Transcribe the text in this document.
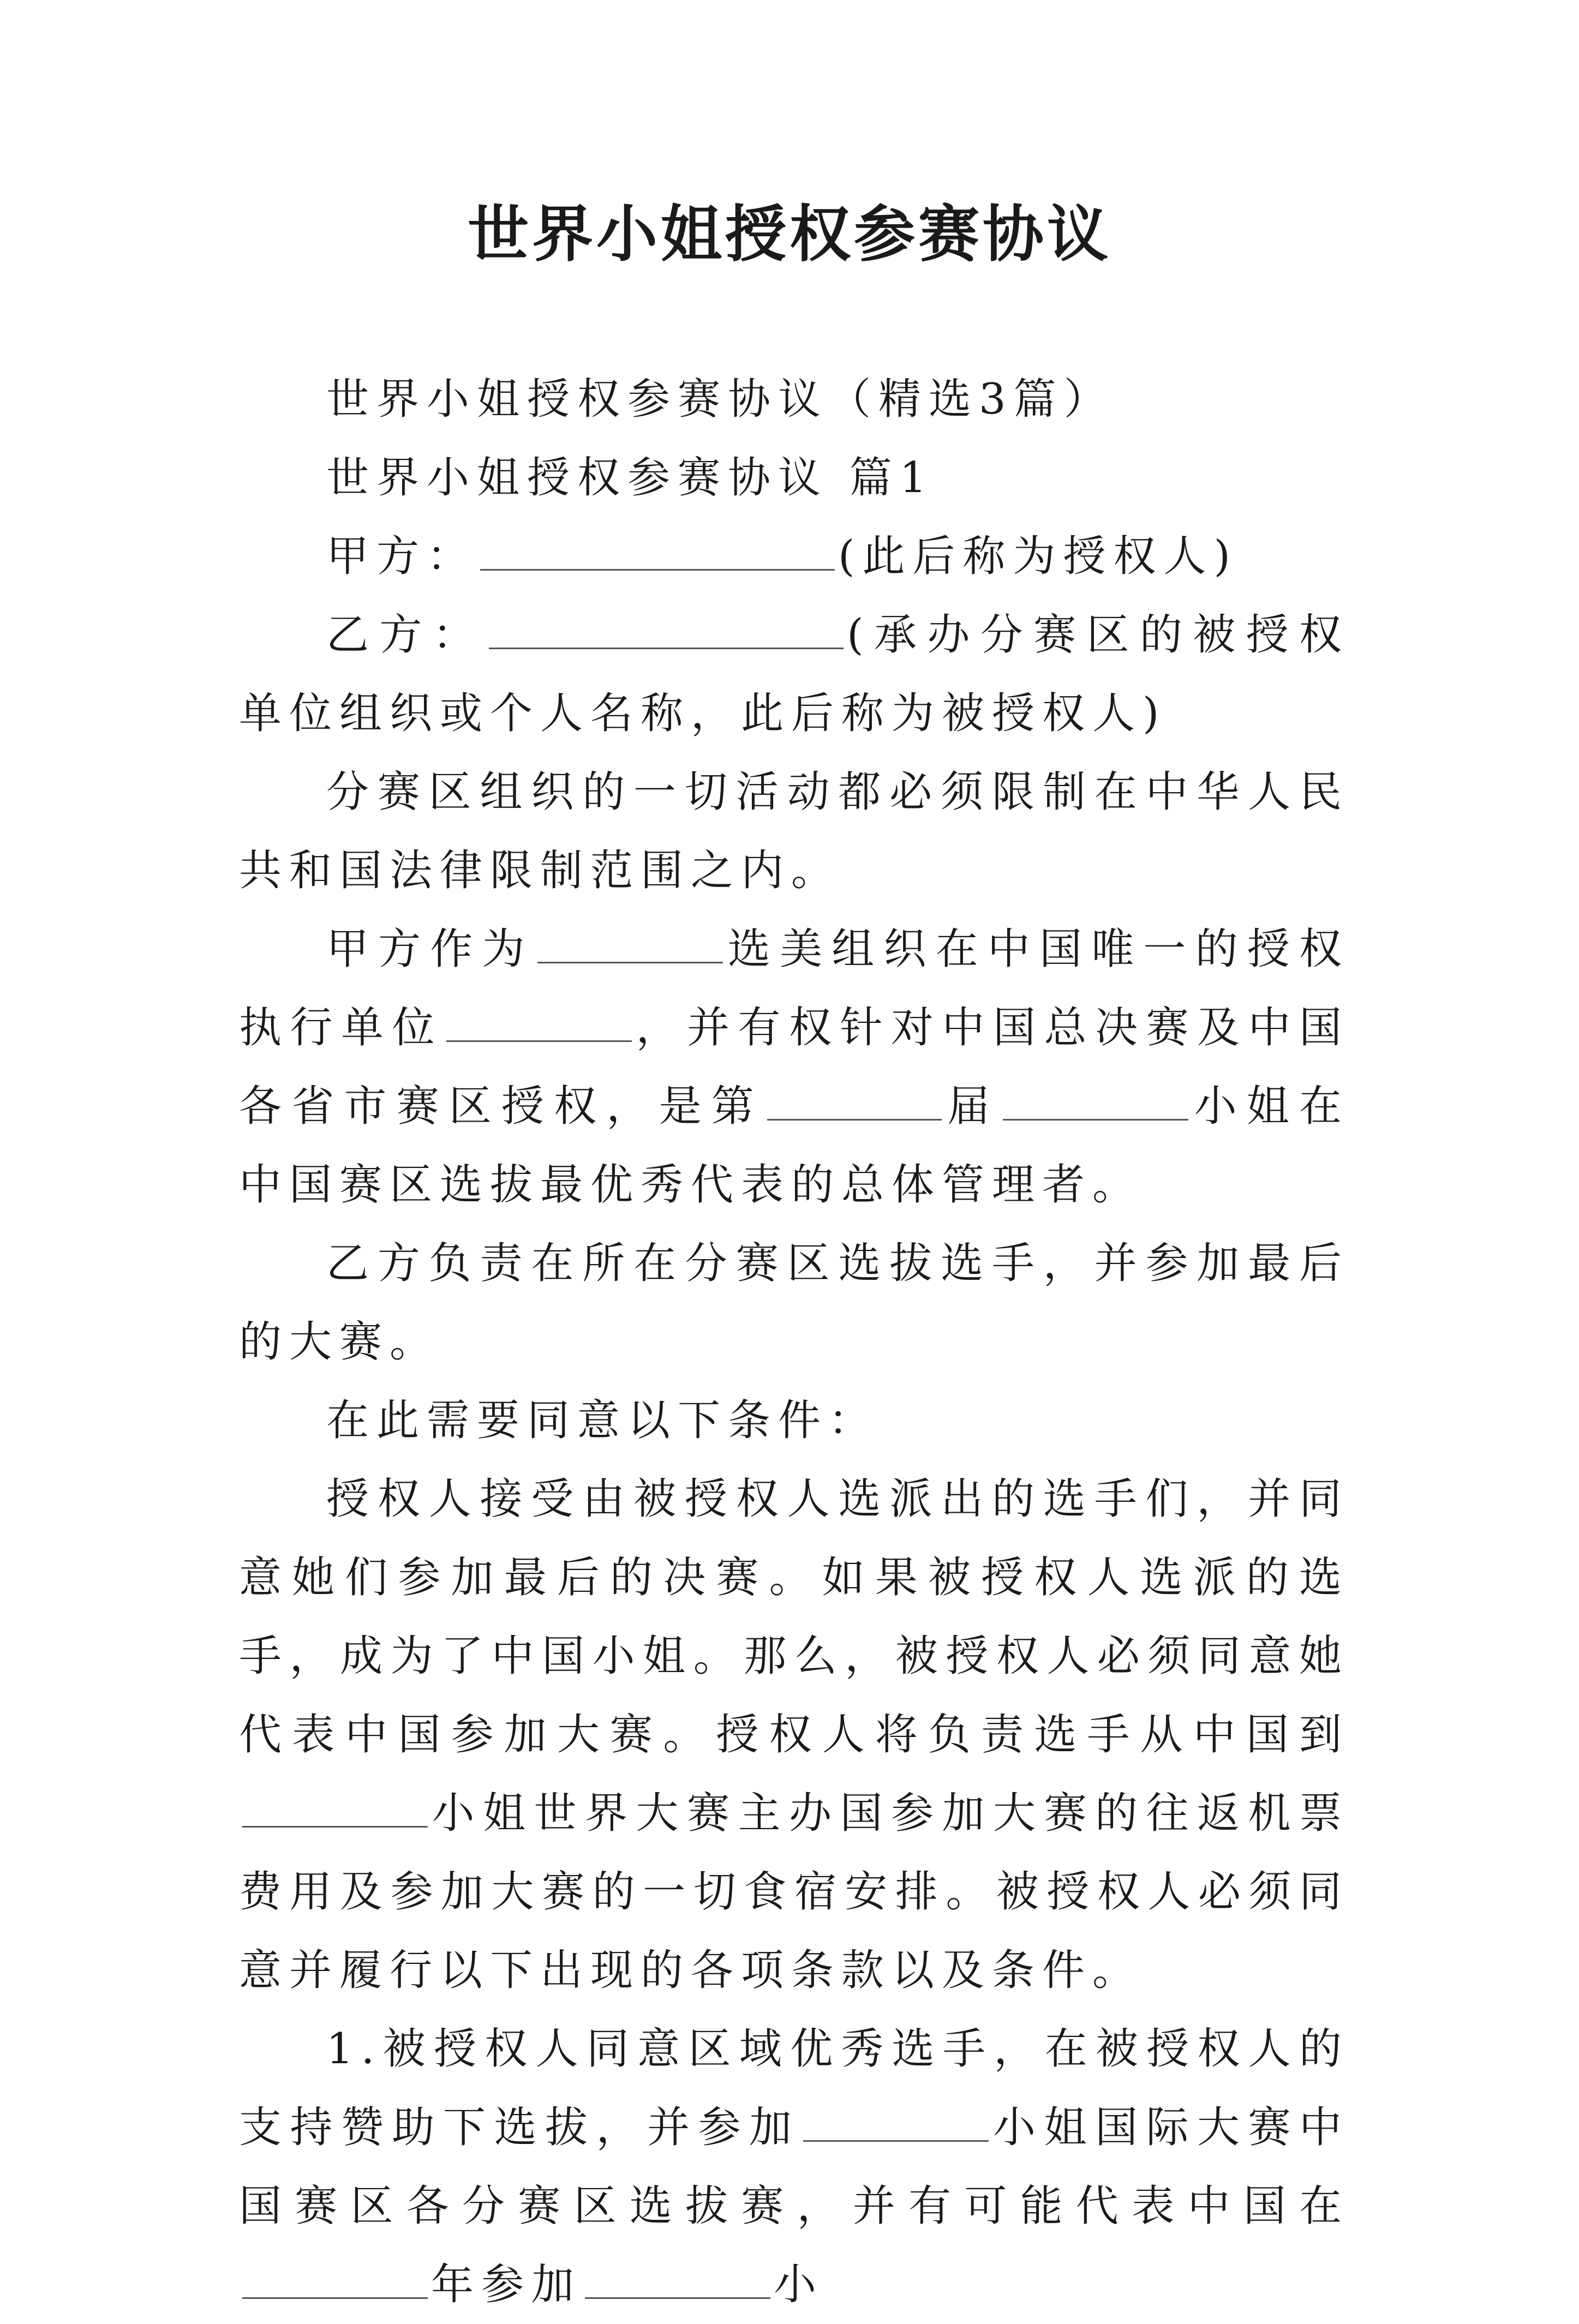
世界小姐授权参赛协议

世界小姐授权参赛协议（精选3篇）

世界小姐授权参赛协议 篇1

甲方：	(此后称为授权人)

乙方：	(承办分赛区的被授权单位组织或个人名称，此后称为被授权人)

分赛区组织的一切活动都必须限制在中华人民共和国法律限制范围之内。

甲方作为	选美组织在中国唯一的授权执行单位	，并有权针对中国总决赛及中国各省市赛区授权，是第	届	小姐在中国赛区选拔最优秀代表的总体管理者。

乙方负责在所在分赛区选拔选手，并参加最后的大赛。

在此需要同意以下条件：

授权人接受由被授权人选派出的选手们，并同意她们参加最后的决赛。如果被授权人选派的选手，成为了中国小姐。那么，被授权人必须同意她代表中国参加大赛。授权人将负责选手从中国到小姐世界大赛主办国参加大赛的往返机票费用及参加大赛的一切食宿安排。被授权人必须同意并履行以下出现的各项条款以及条件。

1.被授权人同意区域优秀选手，在被授权人的支持赞助下选拔，并参加	小姐国际大赛中国赛区各分赛区选拔赛，并有可能代表中国在年参加	小
